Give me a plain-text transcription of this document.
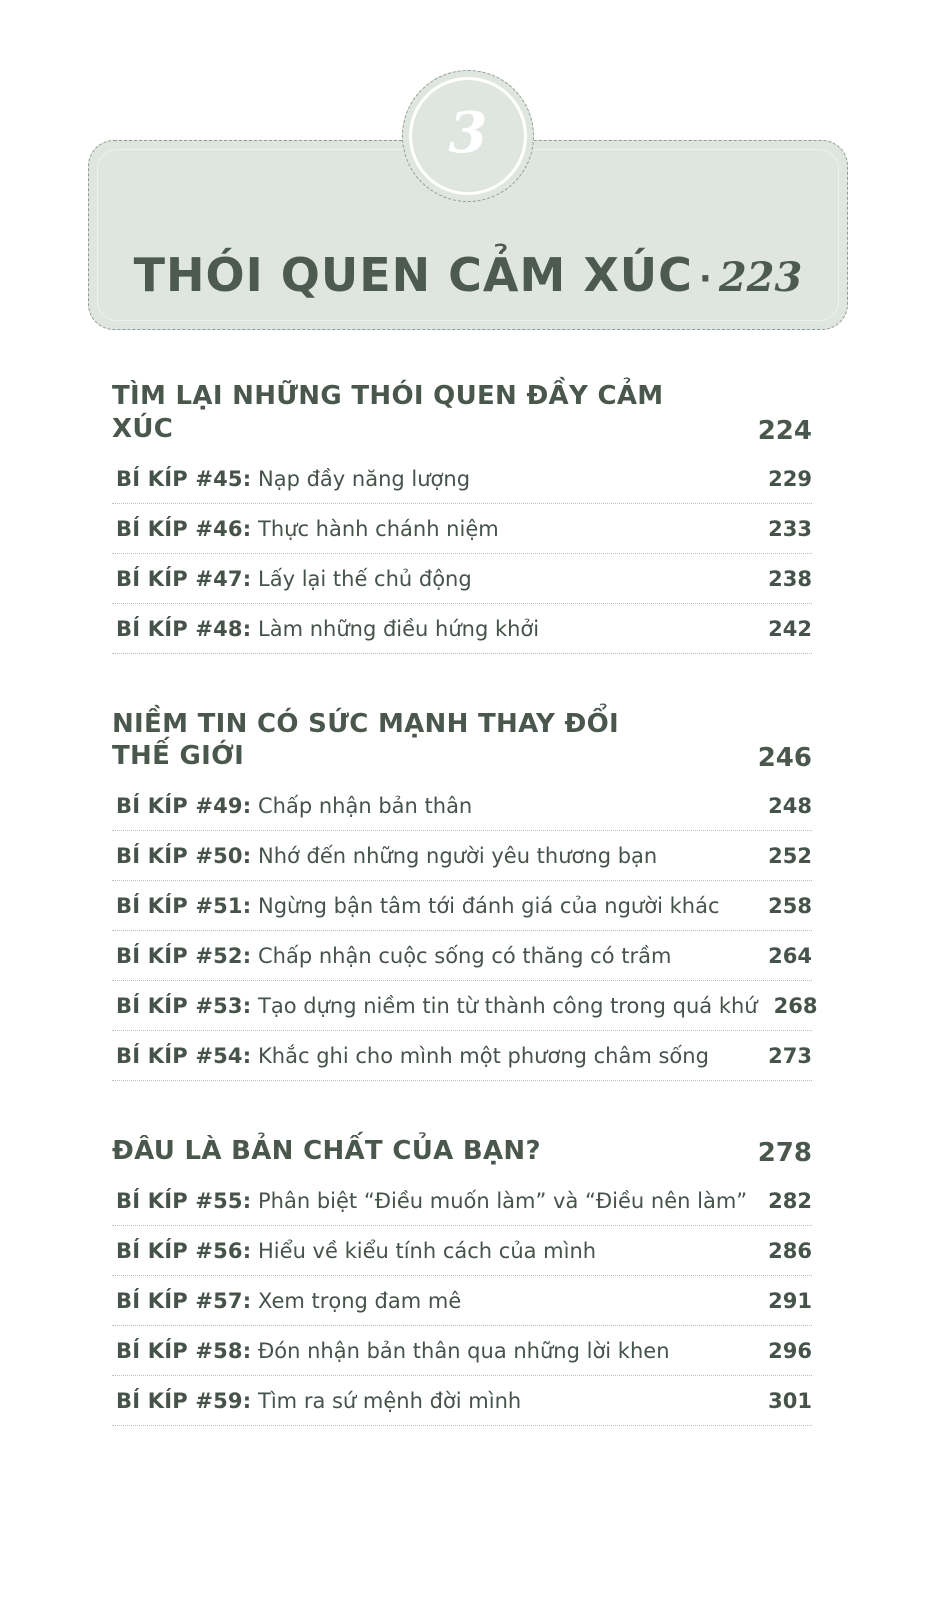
3
THÓI QUEN CẢM XÚC · 223
TÌM LẠI NHỮNG THÓI QUEN ĐẦY CẢM XÚC	224
BÍ KÍP #45: Nạp đầy năng lượng	229
BÍ KÍP #46: Thực hành chánh niệm	233
BÍ KÍP #47: Lấy lại thế chủ động	238
BÍ KÍP #48: Làm những điều hứng khởi	242
NIỀM TIN CÓ SỨC MẠNH THAY ĐỔI THẾ GIỚI	246
BÍ KÍP #49: Chấp nhận bản thân	248
BÍ KÍP #50: Nhớ đến những người yêu thương bạn	252
BÍ KÍP #51: Ngừng bận tâm tới đánh giá của người khác	258
BÍ KÍP #52: Chấp nhận cuộc sống có thăng có trầm	264
BÍ KÍP #53: Tạo dựng niềm tin từ thành công trong quá khứ 268
BÍ KÍP #54: Khắc ghi cho mình một phương châm sống	273
ĐÂU LÀ BẢN CHẤT CỦA BẠN?	278
BÍ KÍP #55: Phân biệt “Điều muốn làm” và “Điều nên làm” 282
BÍ KÍP #56: Hiểu về kiểu tính cách của mình	286
BÍ KÍP #57: Xem trọng đam mê	291
BÍ KÍP #58: Đón nhận bản thân qua những lời khen	296
BÍ KÍP #59: Tìm ra sứ mệnh đời mình	301
